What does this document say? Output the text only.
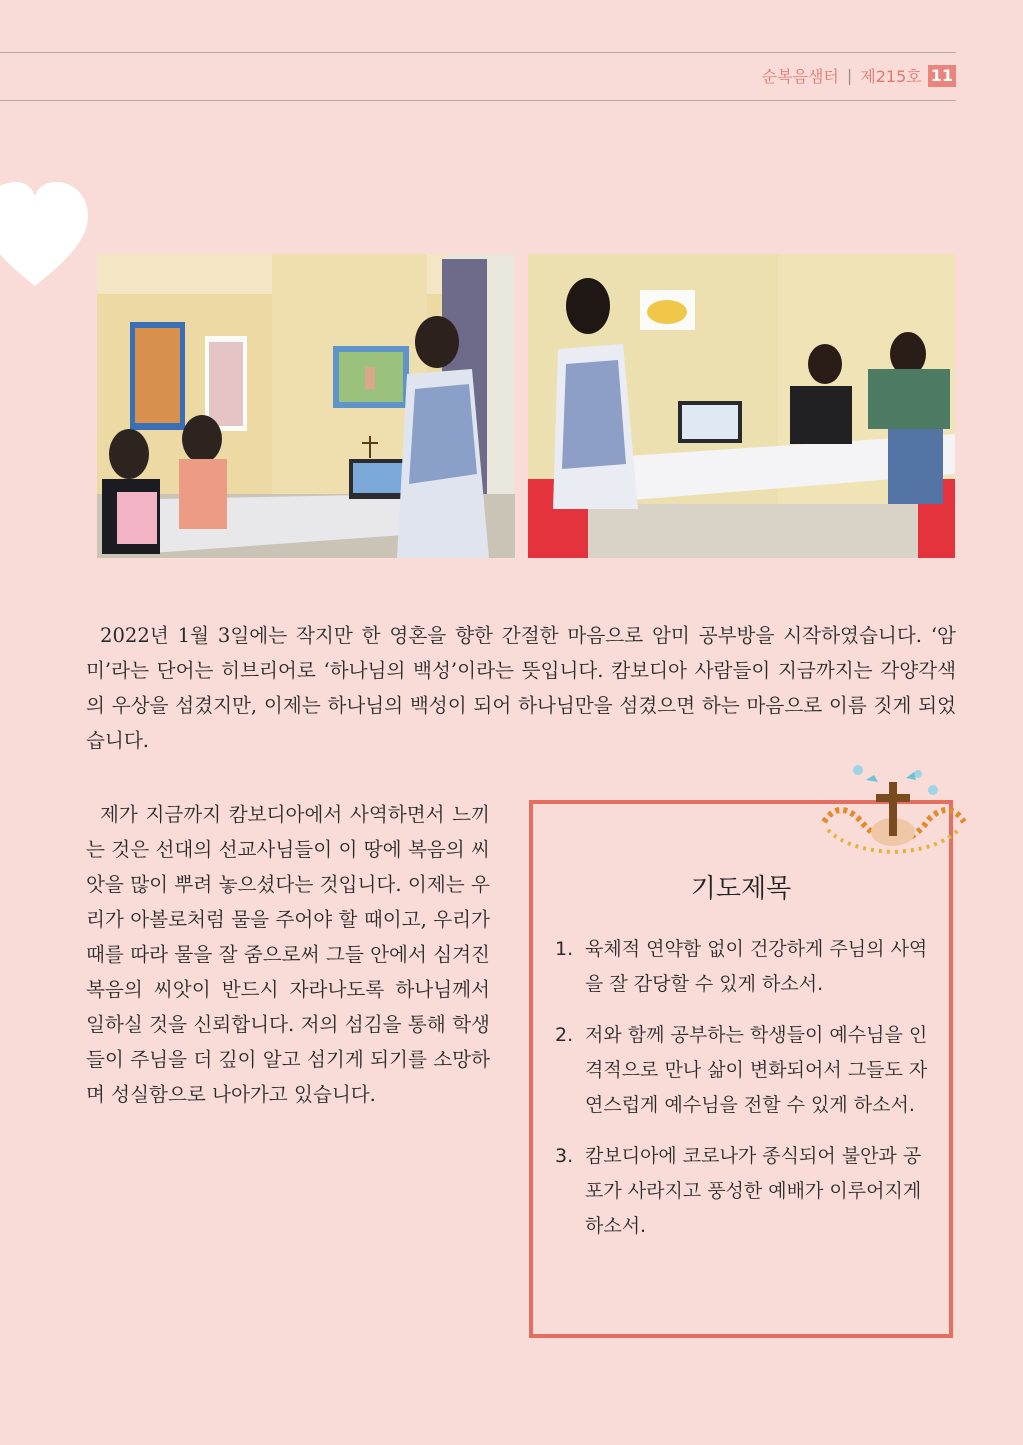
순복음샘터 | 제215호 11

2022년 1월 3일에는 작지만 한 영혼을 향한 간절한 마음으로 암미 공부방을 시작하였습니다. ‘암미’라는 단어는 히브리어로 ‘하나님의 백성’이라는 뜻입니다. 캄보디아 사람들이 지금까지는 각양각색의 우상을 섬겼지만, 이제는 하나님의 백성이 되어 하나님만을 섬겼으면 하는 마음으로 이름 짓게 되었습니다.

제가 지금까지 캄보디아에서 사역하면서 느끼는 것은 선대의 선교사님들이 이 땅에 복음의 씨앗을 많이 뿌려 놓으셨다는 것입니다. 이제는 우리가 아볼로처럼 물을 주어야 할 때이고, 우리가 때를 따라 물을 잘 줌으로써 그들 안에서 심겨진 복음의 씨앗이 반드시 자라나도록 하나님께서 일하실 것을 신뢰합니다. 저의 섬김을 통해 학생들이 주님을 더 깊이 알고 섬기게 되기를 소망하며 성실함으로 나아가고 있습니다.

기도제목
1. 육체적 연약함 없이 건강하게 주님의 사역을 잘 감당할 수 있게 하소서.
2. 저와 함께 공부하는 학생들이 예수님을 인격적으로 만나 삶이 변화되어서 그들도 자연스럽게 예수님을 전할 수 있게 하소서.
3. 캄보디아에 코로나가 종식되어 불안과 공포가 사라지고 풍성한 예배가 이루어지게 하소서.
